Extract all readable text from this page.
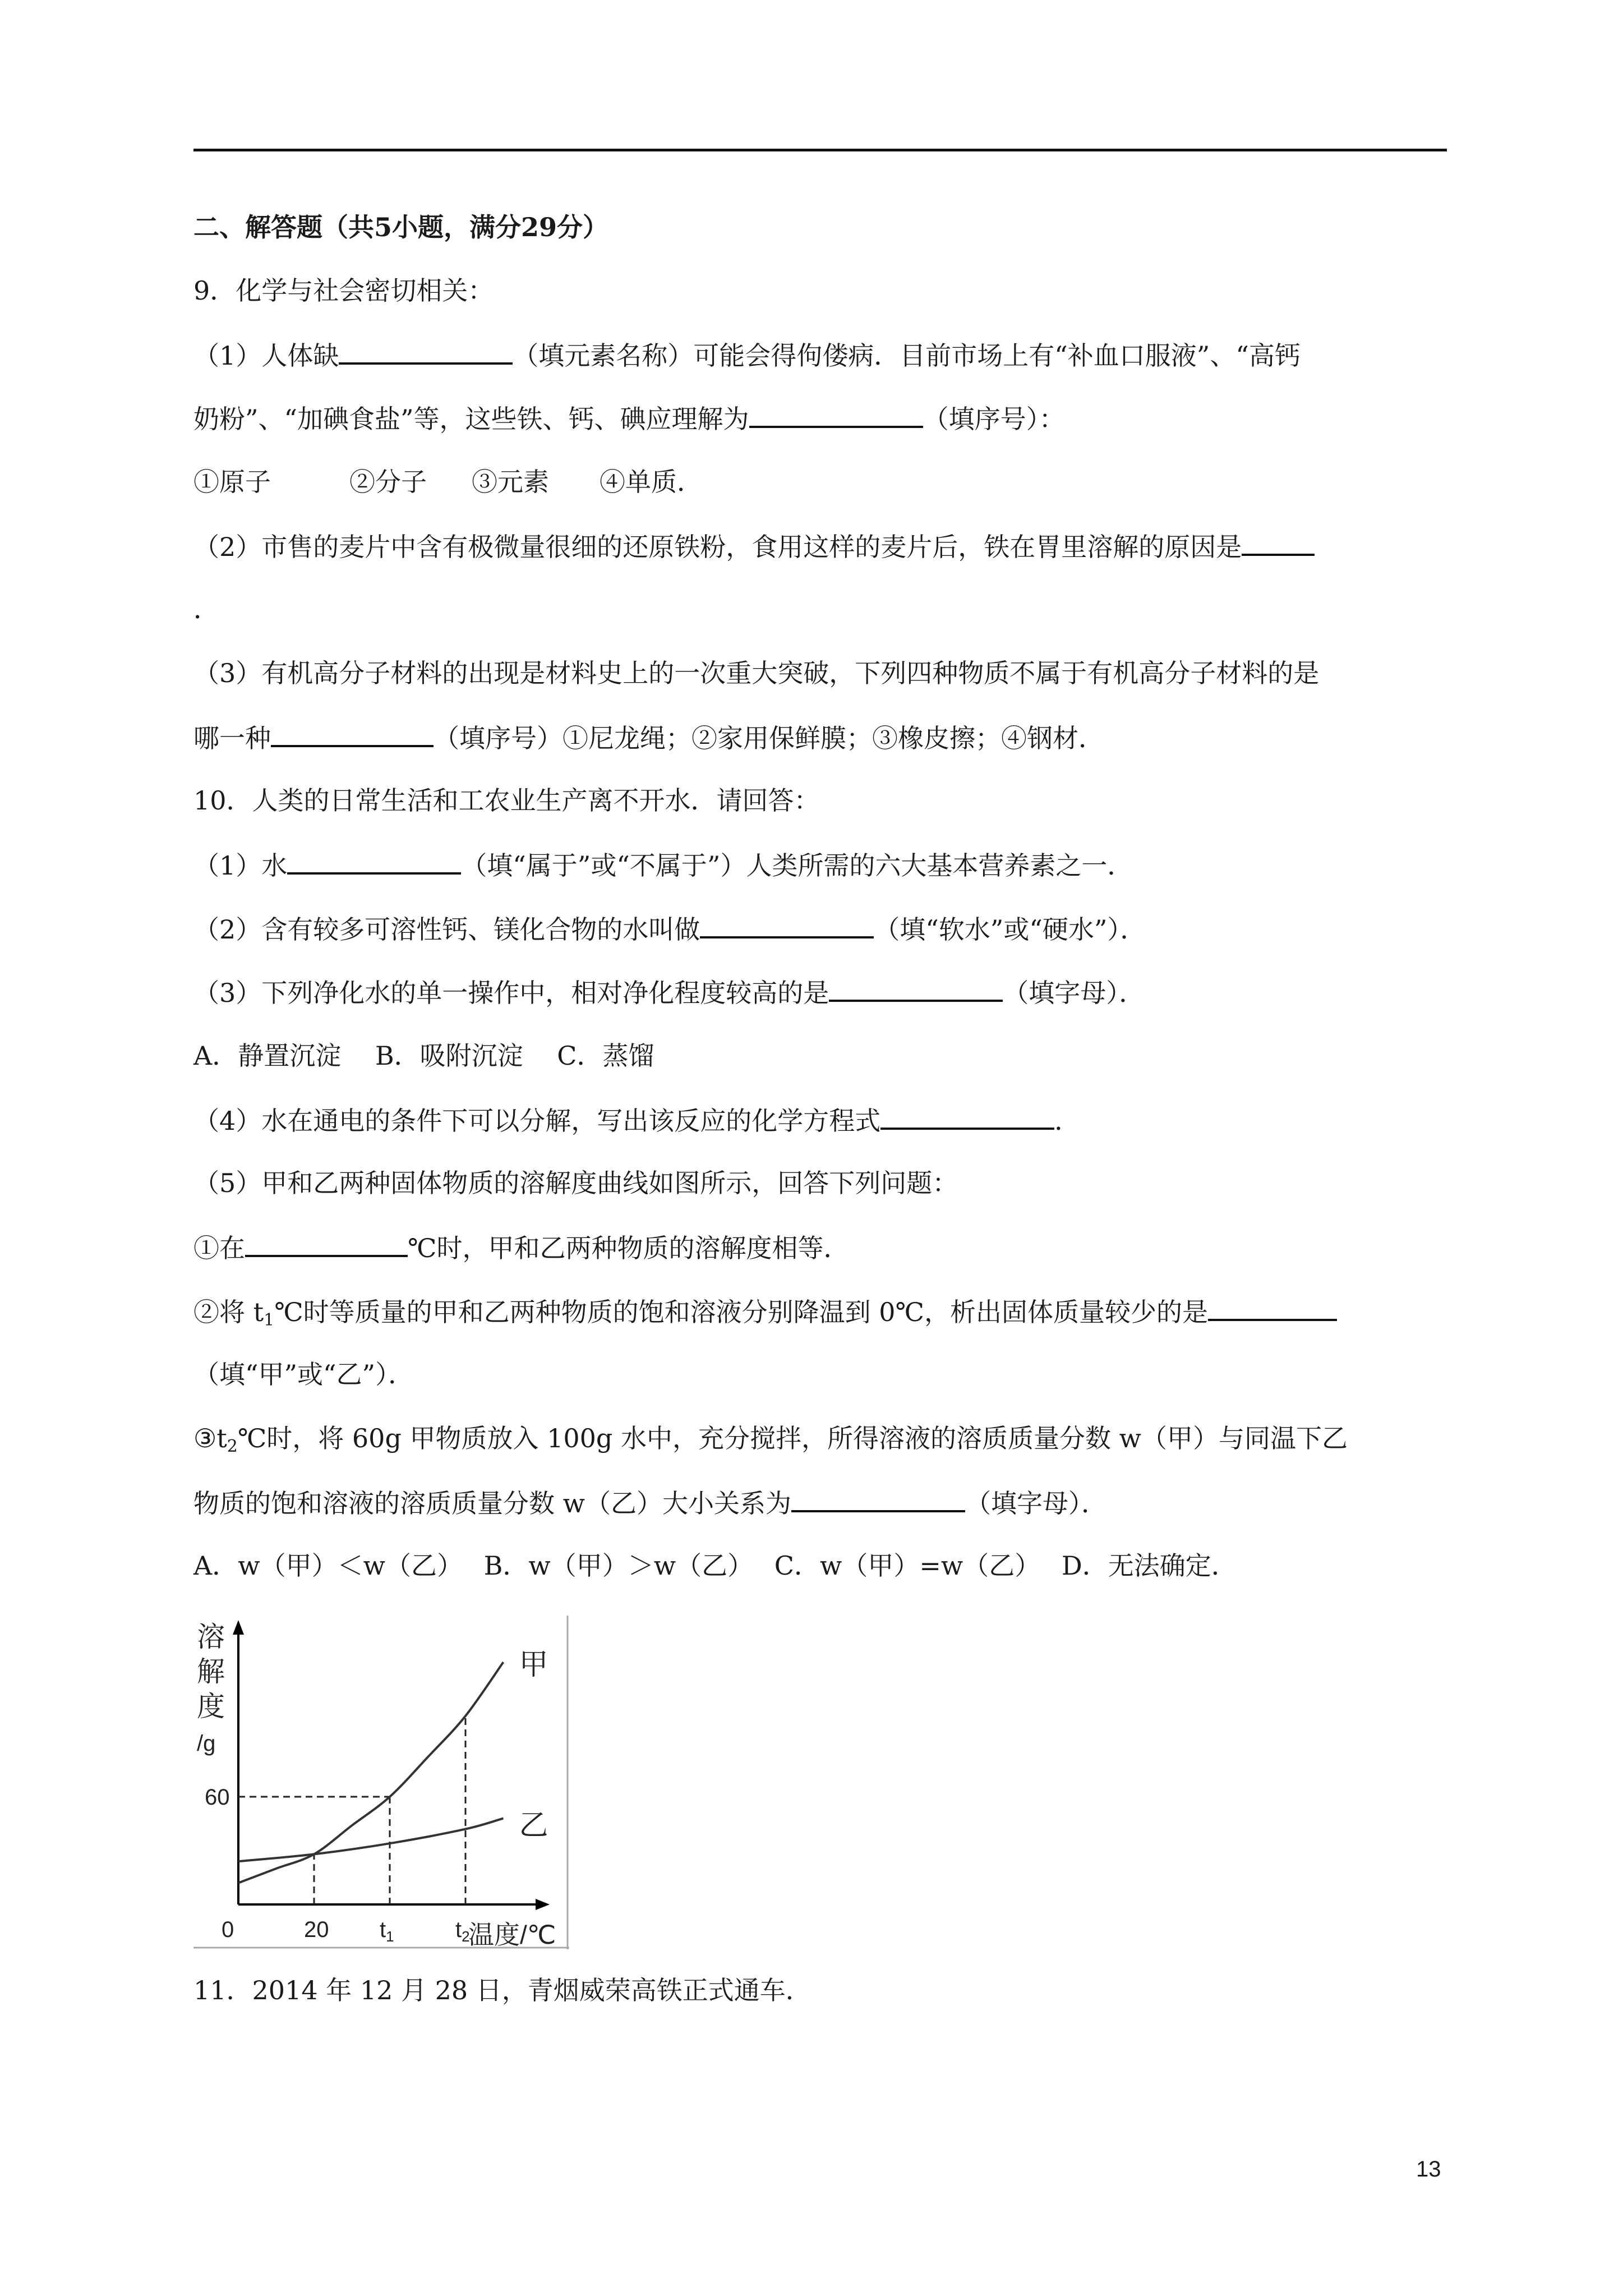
二、解答题（共5小题，满分29分）
9．化学与社会密切相关：
（1）人体缺	（填元素名称）可能会得佝偻病．目前市场上有“补血口服液”、“高钙
奶粉”、“加碘食盐”等，这些铁、钙、碘应理解为	（填序号）：
①原子	②分子 ③元素 ④单质．
（2）市售的麦片中含有极微量很细的还原铁粉，食用这样的麦片后，铁在胃里溶解的原因是
．
（3）有机高分子材料的出现是材料史上的一次重大突破，下列四种物质不属于有机高分子材料的是
哪一种	（填序号）①尼龙绳；②家用保鲜膜；③橡皮擦；④钢材．
10．人类的日常生活和工农业生产离不开水．请回答：
（1）水	（填“属于”或“不属于”）人类所需的六大基本营养素之一．
（2）含有较多可溶性钙、镁化合物的水叫做	（填“软水”或“硬水”）．
（3）下列净化水的单一操作中，相对净化程度较高的是	（填字母）．
A．静置沉淀　 B．吸附沉淀　 C．蒸馏
（4）水在通电的条件下可以分解，写出该反应的化学方程式	．
（5）甲和乙两种固体物质的溶解度曲线如图所示，回答下列问题：
①在	℃时，甲和乙两种物质的溶解度相等．
②将 $t_1℃$时等质量的甲和乙两种物质的饱和溶液分别降温到 0℃，析出固体质量较少的是
（填“甲”或“乙”）．
$③t_2℃$时，将 60g 甲物质放入 100g 水中，充分搅拌，所得溶液的溶质质量分数 w（甲）与同温下乙
物质的饱和溶液的溶质质量分数 w（乙）大小关系为	（填字母）．
A．w（甲）＜w（乙）　 B．w（甲）＞w（乙）　 C．w（甲）=w（乙）　 D．无法确定．
甲
乙
溶
解
度
/g
60
0	20 $t_1$	$t_2$
温度/℃
11．2014 年 12 月 28 日，青烟威荣高铁正式通车．
13
